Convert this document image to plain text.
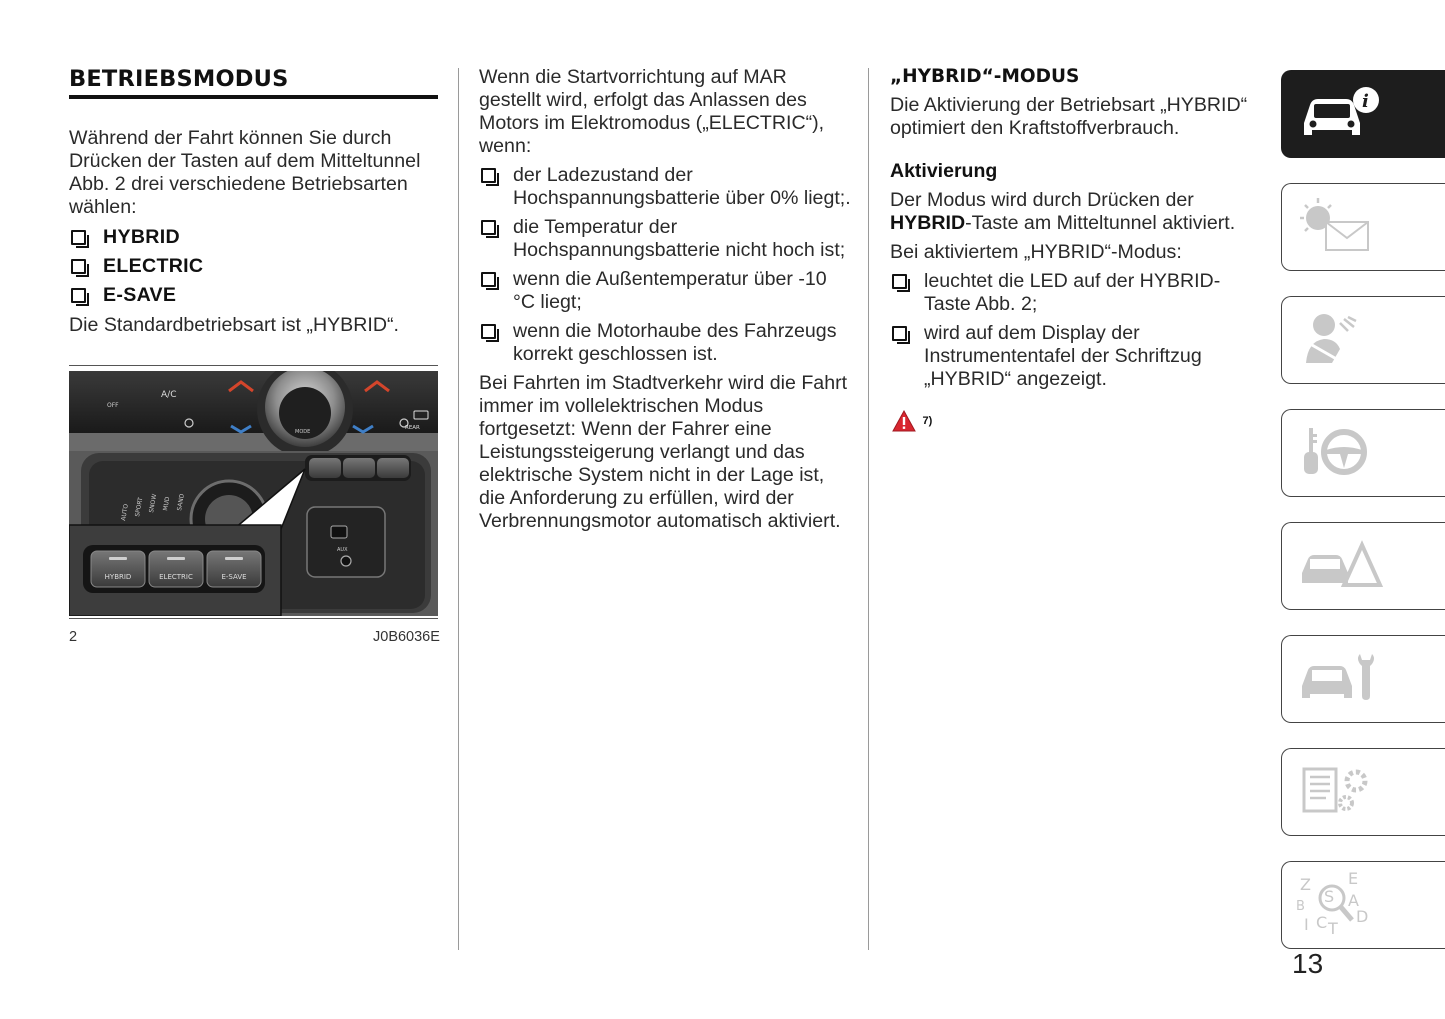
BETRIEBSMODUS

Während der Fahrt können Sie durch Drücken der Tasten auf dem Mitteltunnel Abb. 2 drei verschiedene Betriebsarten wählen:

HYBRID
ELECTRIC
E-SAVE

Die Standardbetriebsart ist „HYBRID“.

A/C
OFF
REAR
MODE
AUTO SPORT SNOW MUD SAND
AUX
HYBRID	ELECTRIC	E-SAVE
2	J0B6036E

Wenn die Startvorrichtung auf MAR gestellt wird, erfolgt das Anlassen des Motors im Elektromodus („ELECTRIC“), wenn:

der Ladezustand der Hochspannungsbatterie über 0% liegt;.
die Temperatur der Hochspannungsbatterie nicht hoch ist;
wenn die Außentemperatur über -10 °C liegt;
wenn die Motorhaube des Fahrzeugs korrekt geschlossen ist.

Bei Fahrten im Stadtverkehr wird die Fahrt immer im vollelektrischen Modus fortgesetzt: Wenn der Fahrer eine Leistungssteigerung verlangt und das elektrische System nicht in der Lage ist, die Anforderung zu erfüllen, wird der Verbrennungsmotor automatisch aktiviert.

„HYBRID“-MODUS

Die Aktivierung der Betriebsart „HYBRID“ optimiert den Kraftstoffverbrauch.

Aktivierung

Der Modus wird durch Drücken der HYBRID-Taste am Mitteltunnel aktiviert.

Bei aktiviertem „HYBRID“-Modus:

leuchtet die LED auf der HYBRID-Taste Abb. 2;
wird auf dem Display der Instrumententafel der Schriftzug „HYBRID“ angezeigt.
7)
i
Z E
B
S A
I C T
D
13
